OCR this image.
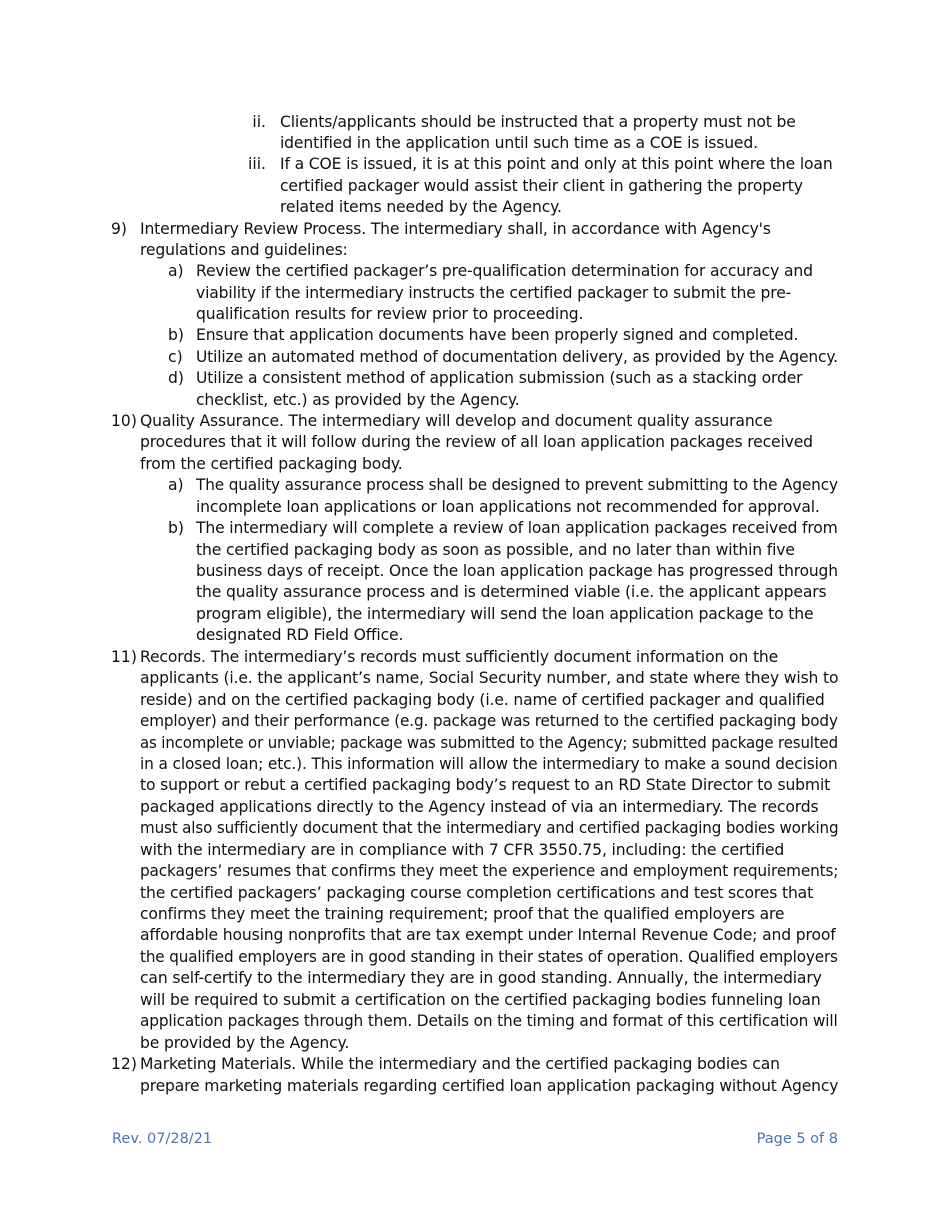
ii. Clients/applicants should be instructed that a property must not be
identified in the application until such time as a COE is issued.
iii. If a COE is issued, it is at this point and only at this point where the loan
certified packager would assist their client in gathering the property
related items needed by the Agency.
9) Intermediary Review Process. The intermediary shall, in accordance with Agency's
regulations and guidelines:
a) Review the certified packager’s pre-qualification determination for accuracy and
viability if the intermediary instructs the certified packager to submit the pre-
qualification results for review prior to proceeding.
b) Ensure that application documents have been properly signed and completed.
c) Utilize an automated method of documentation delivery, as provided by the Agency.
d) Utilize a consistent method of application submission (such as a stacking order
checklist, etc.) as provided by the Agency.
10) Quality Assurance. The intermediary will develop and document quality assurance
procedures that it will follow during the review of all loan application packages received
from the certified packaging body.
a) The quality assurance process shall be designed to prevent submitting to the Agency
incomplete loan applications or loan applications not recommended for approval.
b) The intermediary will complete a review of loan application packages received from
the certified packaging body as soon as possible, and no later than within five
business days of receipt. Once the loan application package has progressed through
the quality assurance process and is determined viable (i.e. the applicant appears
program eligible), the intermediary will send the loan application package to the
designated RD Field Office.
11) Records. The intermediary’s records must sufficiently document information on the
applicants (i.e. the applicant’s name, Social Security number, and state where they wish to
reside) and on the certified packaging body (i.e. name of certified packager and qualified
employer) and their performance (e.g. package was returned to the certified packaging body
as incomplete or unviable; package was submitted to the Agency; submitted package resulted
in a closed loan; etc.). This information will allow the intermediary to make a sound decision
to support or rebut a certified packaging body’s request to an RD State Director to submit
packaged applications directly to the Agency instead of via an intermediary. The records
must also sufficiently document that the intermediary and certified packaging bodies working
with the intermediary are in compliance with 7 CFR 3550.75, including: the certified
packagers’ resumes that confirms they meet the experience and employment requirements;
the certified packagers’ packaging course completion certifications and test scores that
confirms they meet the training requirement; proof that the qualified employers are
affordable housing nonprofits that are tax exempt under Internal Revenue Code; and proof
the qualified employers are in good standing in their states of operation. Qualified employers
can self-certify to the intermediary they are in good standing. Annually, the intermediary
will be required to submit a certification on the certified packaging bodies funneling loan
application packages through them. Details on the timing and format of this certification will
be provided by the Agency.
12) Marketing Materials. While the intermediary and the certified packaging bodies can
prepare marketing materials regarding certified loan application packaging without Agency
Rev. 07/28/21	Page 5 of 8
